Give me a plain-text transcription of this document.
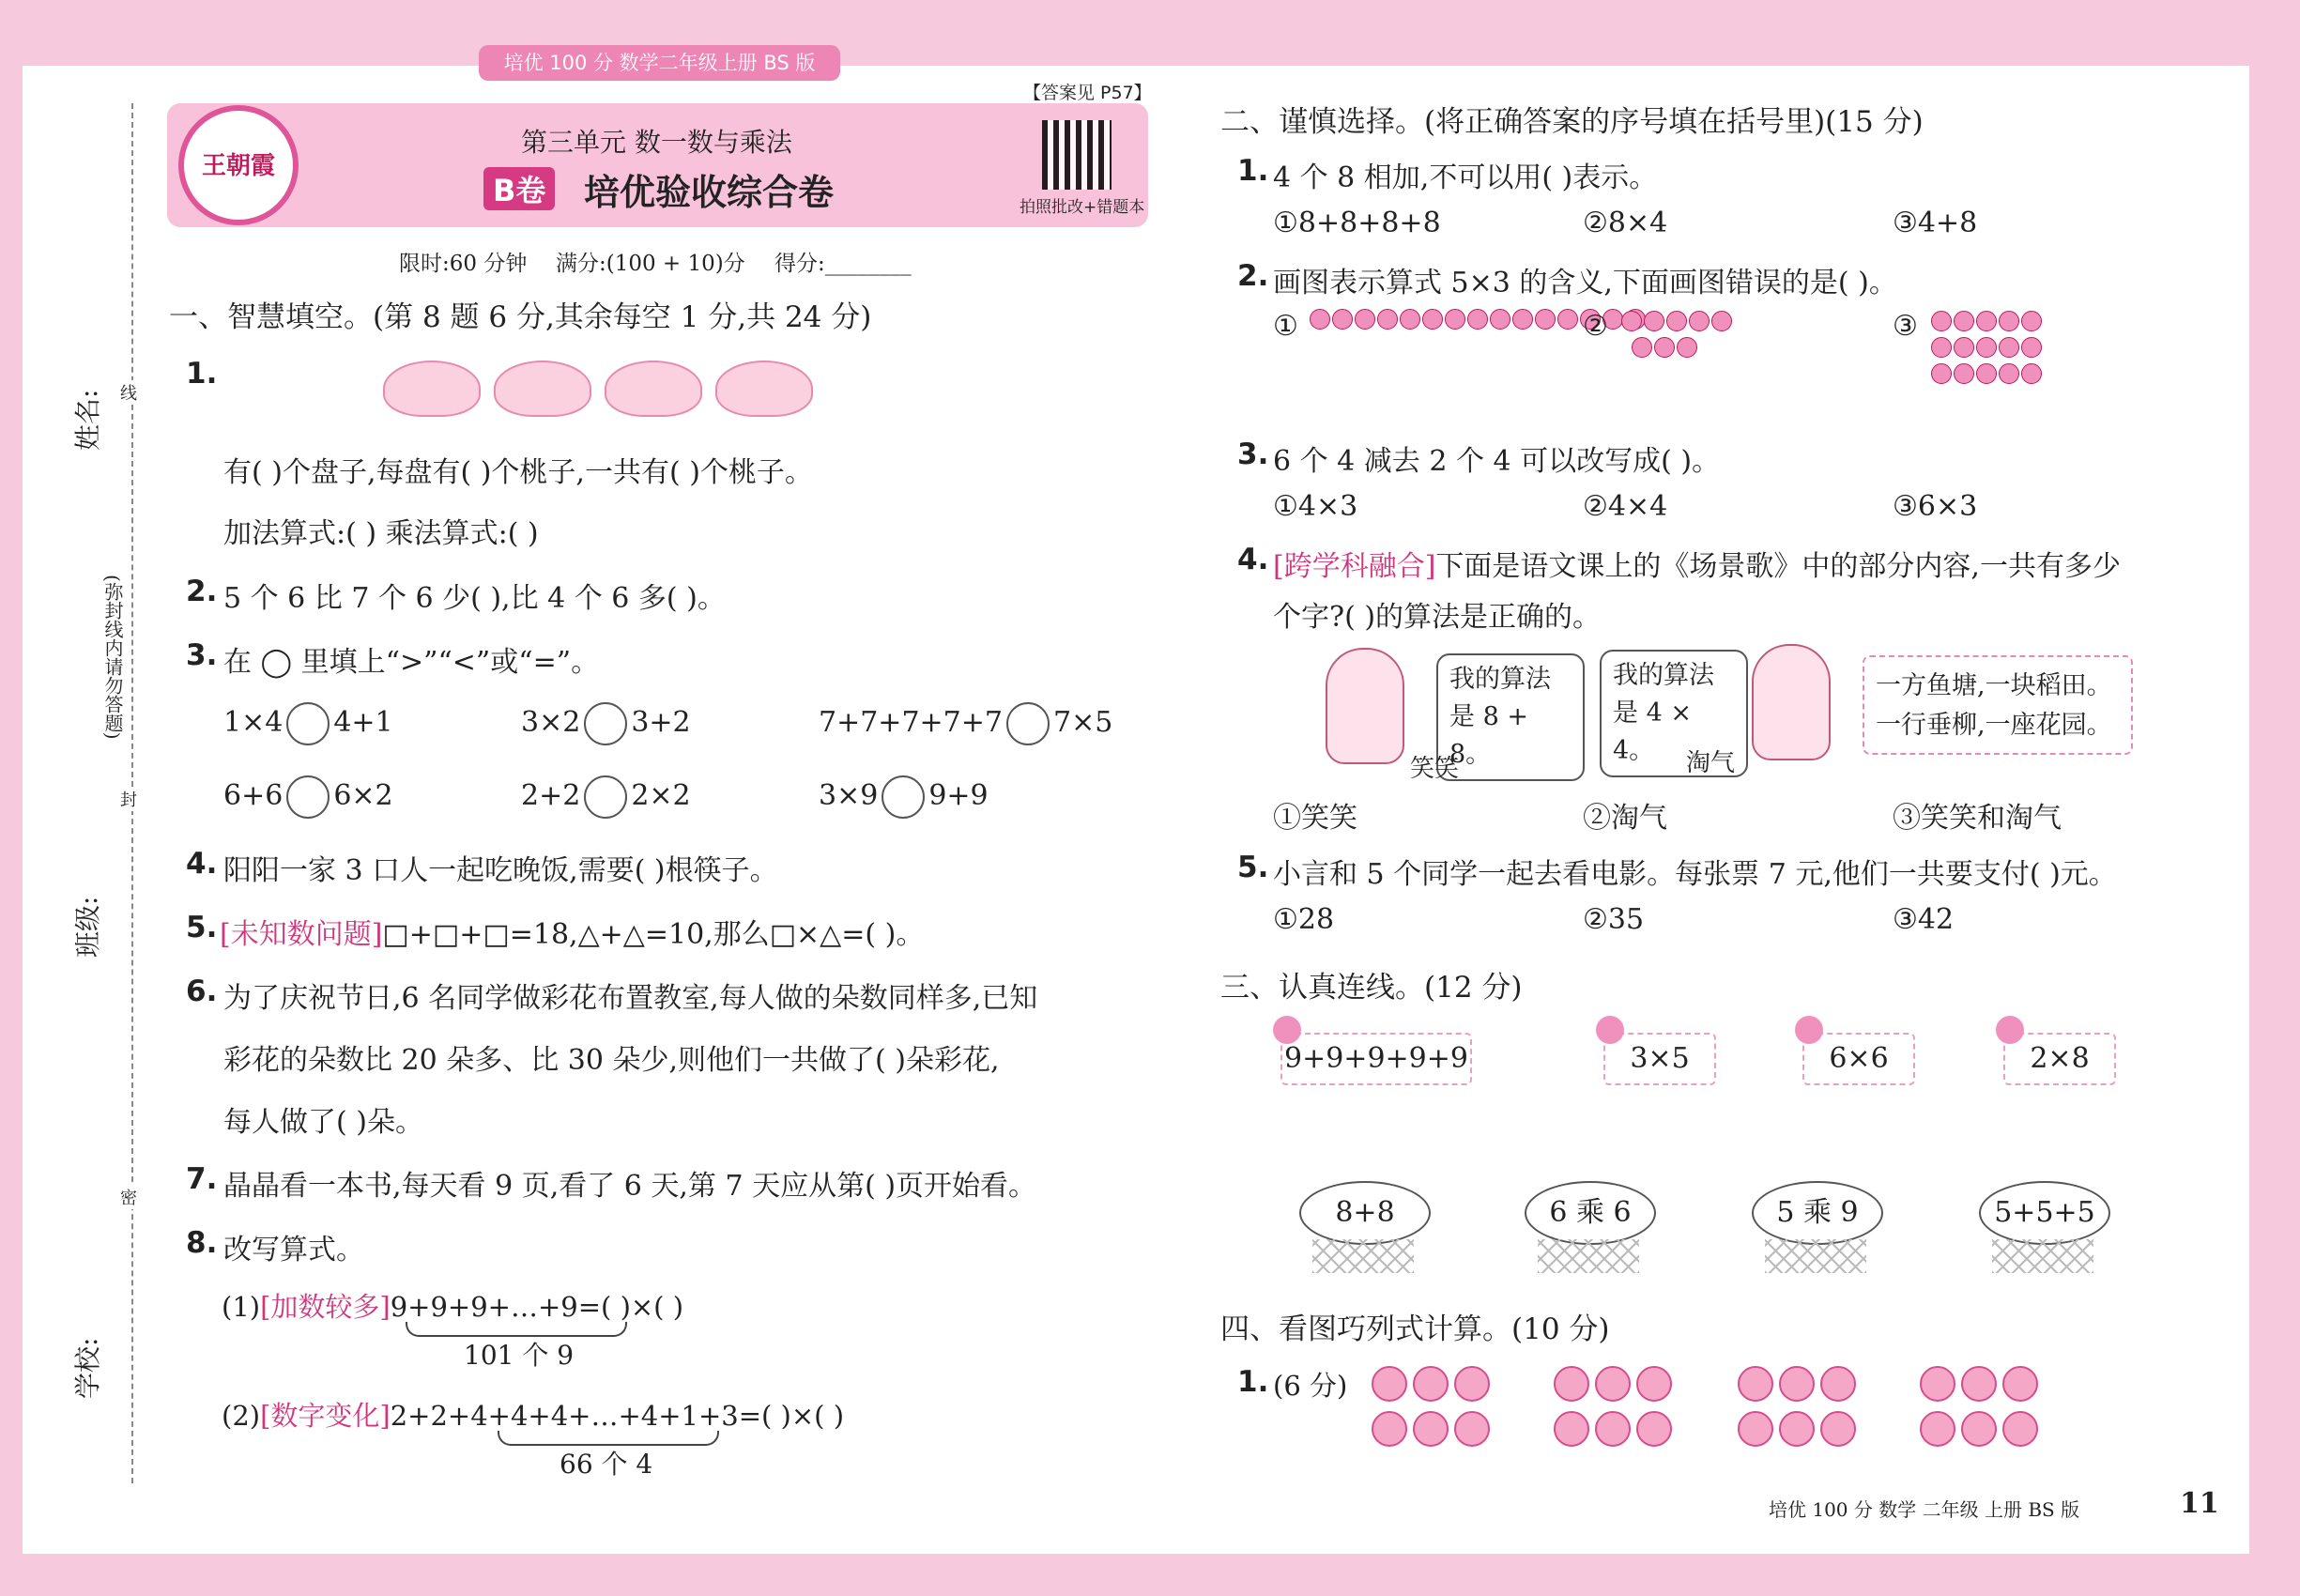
培优 100 分 数学二年级上册 BS 版
王朝霞
【答案见 P57】
第三单元 数一数与乘法
B卷 培优验收综合卷	拍照批改+错题本
限时:60 分钟 满分:(100 + 10)分 得分:________
姓名:
班级:
学校:
(弥封线内请勿答题)
线
封
密
一、智慧填空。(第 8 题 6 分,其余每空 1 分,共 24 分)
1.
有( )个盘子,每盘有( )个桃子,一共有( )个桃子。
加法算式:( ) 乘法算式:( )
2. 5 个 6 比 7 个 6 少( ),比 4 个 6 多( )。
3. 在 ◯ 里填上“>”“<”或“=”。
1×4 4+1	3×2 3+2	7+7+7+7+7 7×5
6+6 6×2	2+2 2×2	3×9 9+9
4. 阳阳一家 3 口人一起吃晚饭,需要( )根筷子。
5. [未知数问题]□+□+□=18,△+△=10,那么□×△=( )。
6. 为了庆祝节日,6 名同学做彩花布置教室,每人做的朵数同样多,已知
彩花的朵数比 20 朵多、比 30 朵少,则他们一共做了( )朵彩花,
每人做了( )朵。
7. 晶晶看一本书,每天看 9 页,看了 6 天,第 7 天应从第( )页开始看。
8. 改写算式。
(1)[加数较多]9+9+9+…+9=( )×( )
101 个 9
(2)[数字变化]2+2+4+4+4+…+4+1+3=( )×( )
66 个 4
二、谨慎选择。(将正确答案的序号填在括号里)(15 分)
1. 4 个 8 相加,不可以用( )表示。
①8+8+8+8	②8×4	③4+8
2. 画图表示算式 5×3 的含义,下面画图错误的是( )。
①	②	③
3. 6 个 4 减去 2 个 4 可以改写成( )。
①4×3	②4×4	③6×3
4. [跨学科融合]下面是语文课上的《场景歌》中的部分内容,一共有多少
个字?( )的算法是正确的。
我的算法是 8 + 8。
笑笑
我的算法是 4 × 4。	淘气
一方鱼塘,一块稻田。
一行垂柳,一座花园。
①笑笑	②淘气	③笑笑和淘气
5. 小言和 5 个同学一起去看电影。每张票 7 元,他们一共要支付( )元。
①28	②35	③42
三、认真连线。(12 分)
9+9+9+9+9	3×5	6×6	2×8
8+8	6 乘 6	5 乘 9	5+5+5
四、看图巧列式计算。(10 分)
1. (6 分)
培优 100 分 数学 二年级 上册 BS 版	11
